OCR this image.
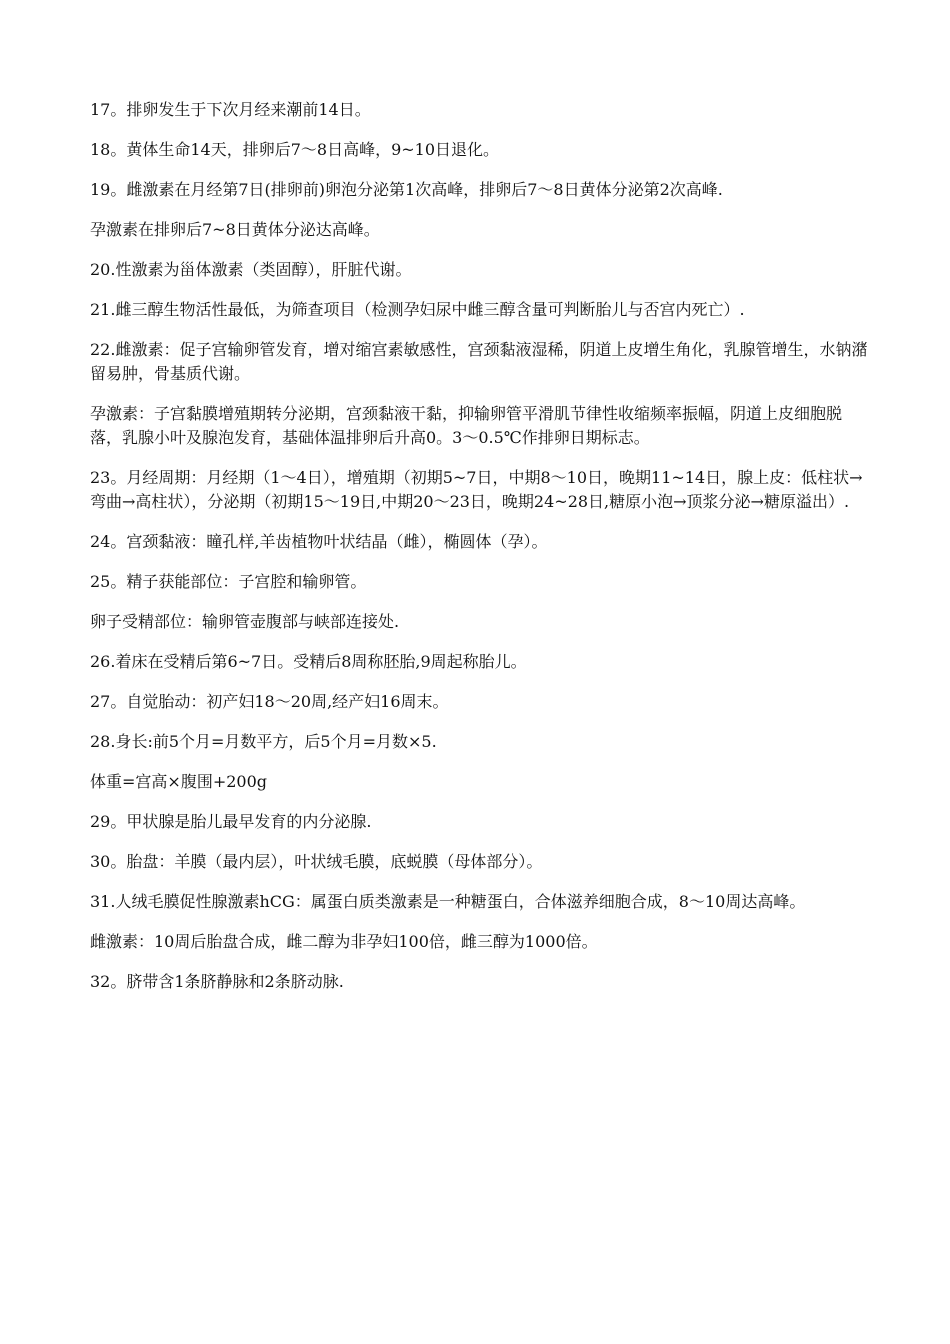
17。排卵发生于下次月经来潮前14日。

18。黄体生命14天，排卵后7～8日高峰，9~10日退化。

19。雌激素在月经第7日(排卵前)卵泡分泌第1次高峰，排卵后7～8日黄体分泌第2次高峰.

孕激素在排卵后7~8日黄体分泌达高峰。

20.性激素为甾体激素（类固醇），肝脏代谢。

21.雌三醇生物活性最低，为筛查项目（检测孕妇尿中雌三醇含量可判断胎儿与否宫内死亡）.

22.雌激素：促子宫输卵管发育，增对缩宫素敏感性，宫颈黏液湿稀，阴道上皮增生角化，乳腺管增生，水钠潴留易肿，骨基质代谢。

孕激素：子宫黏膜增殖期转分泌期，宫颈黏液干黏，抑输卵管平滑肌节律性收缩频率振幅，阴道上皮细胞脱落，乳腺小叶及腺泡发育，基础体温排卵后升高0。3～0.5℃作排卵日期标志。

23。月经周期：月经期（1～4日），增殖期（初期5~7日，中期8～10日，晚期11~14日，腺上皮：低柱状→弯曲→高柱状），分泌期（初期15～19日,中期20～23日，晚期24~28日,糖原小泡→顶浆分泌→糖原溢出）.

24。宫颈黏液：瞳孔样,羊齿植物叶状结晶（雌），椭圆体（孕）。

25。精子获能部位：子宫腔和输卵管。

卵子受精部位：输卵管壶腹部与峡部连接处.

26.着床在受精后第6~7日。受精后8周称胚胎,9周起称胎儿。

27。自觉胎动：初产妇18～20周,经产妇16周末。

28.身长:前5个月=月数平方，后5个月=月数×5.

体重=宫高×腹围+200g

29。甲状腺是胎儿最早发育的内分泌腺.

30。胎盘：羊膜（最内层），叶状绒毛膜，底蜕膜（母体部分）。

31.人绒毛膜促性腺激素hCG：属蛋白质类激素是一种糖蛋白，合体滋养细胞合成，8～10周达高峰。

雌激素：10周后胎盘合成，雌二醇为非孕妇100倍，雌三醇为1000倍。

32。脐带含1条脐静脉和2条脐动脉.
